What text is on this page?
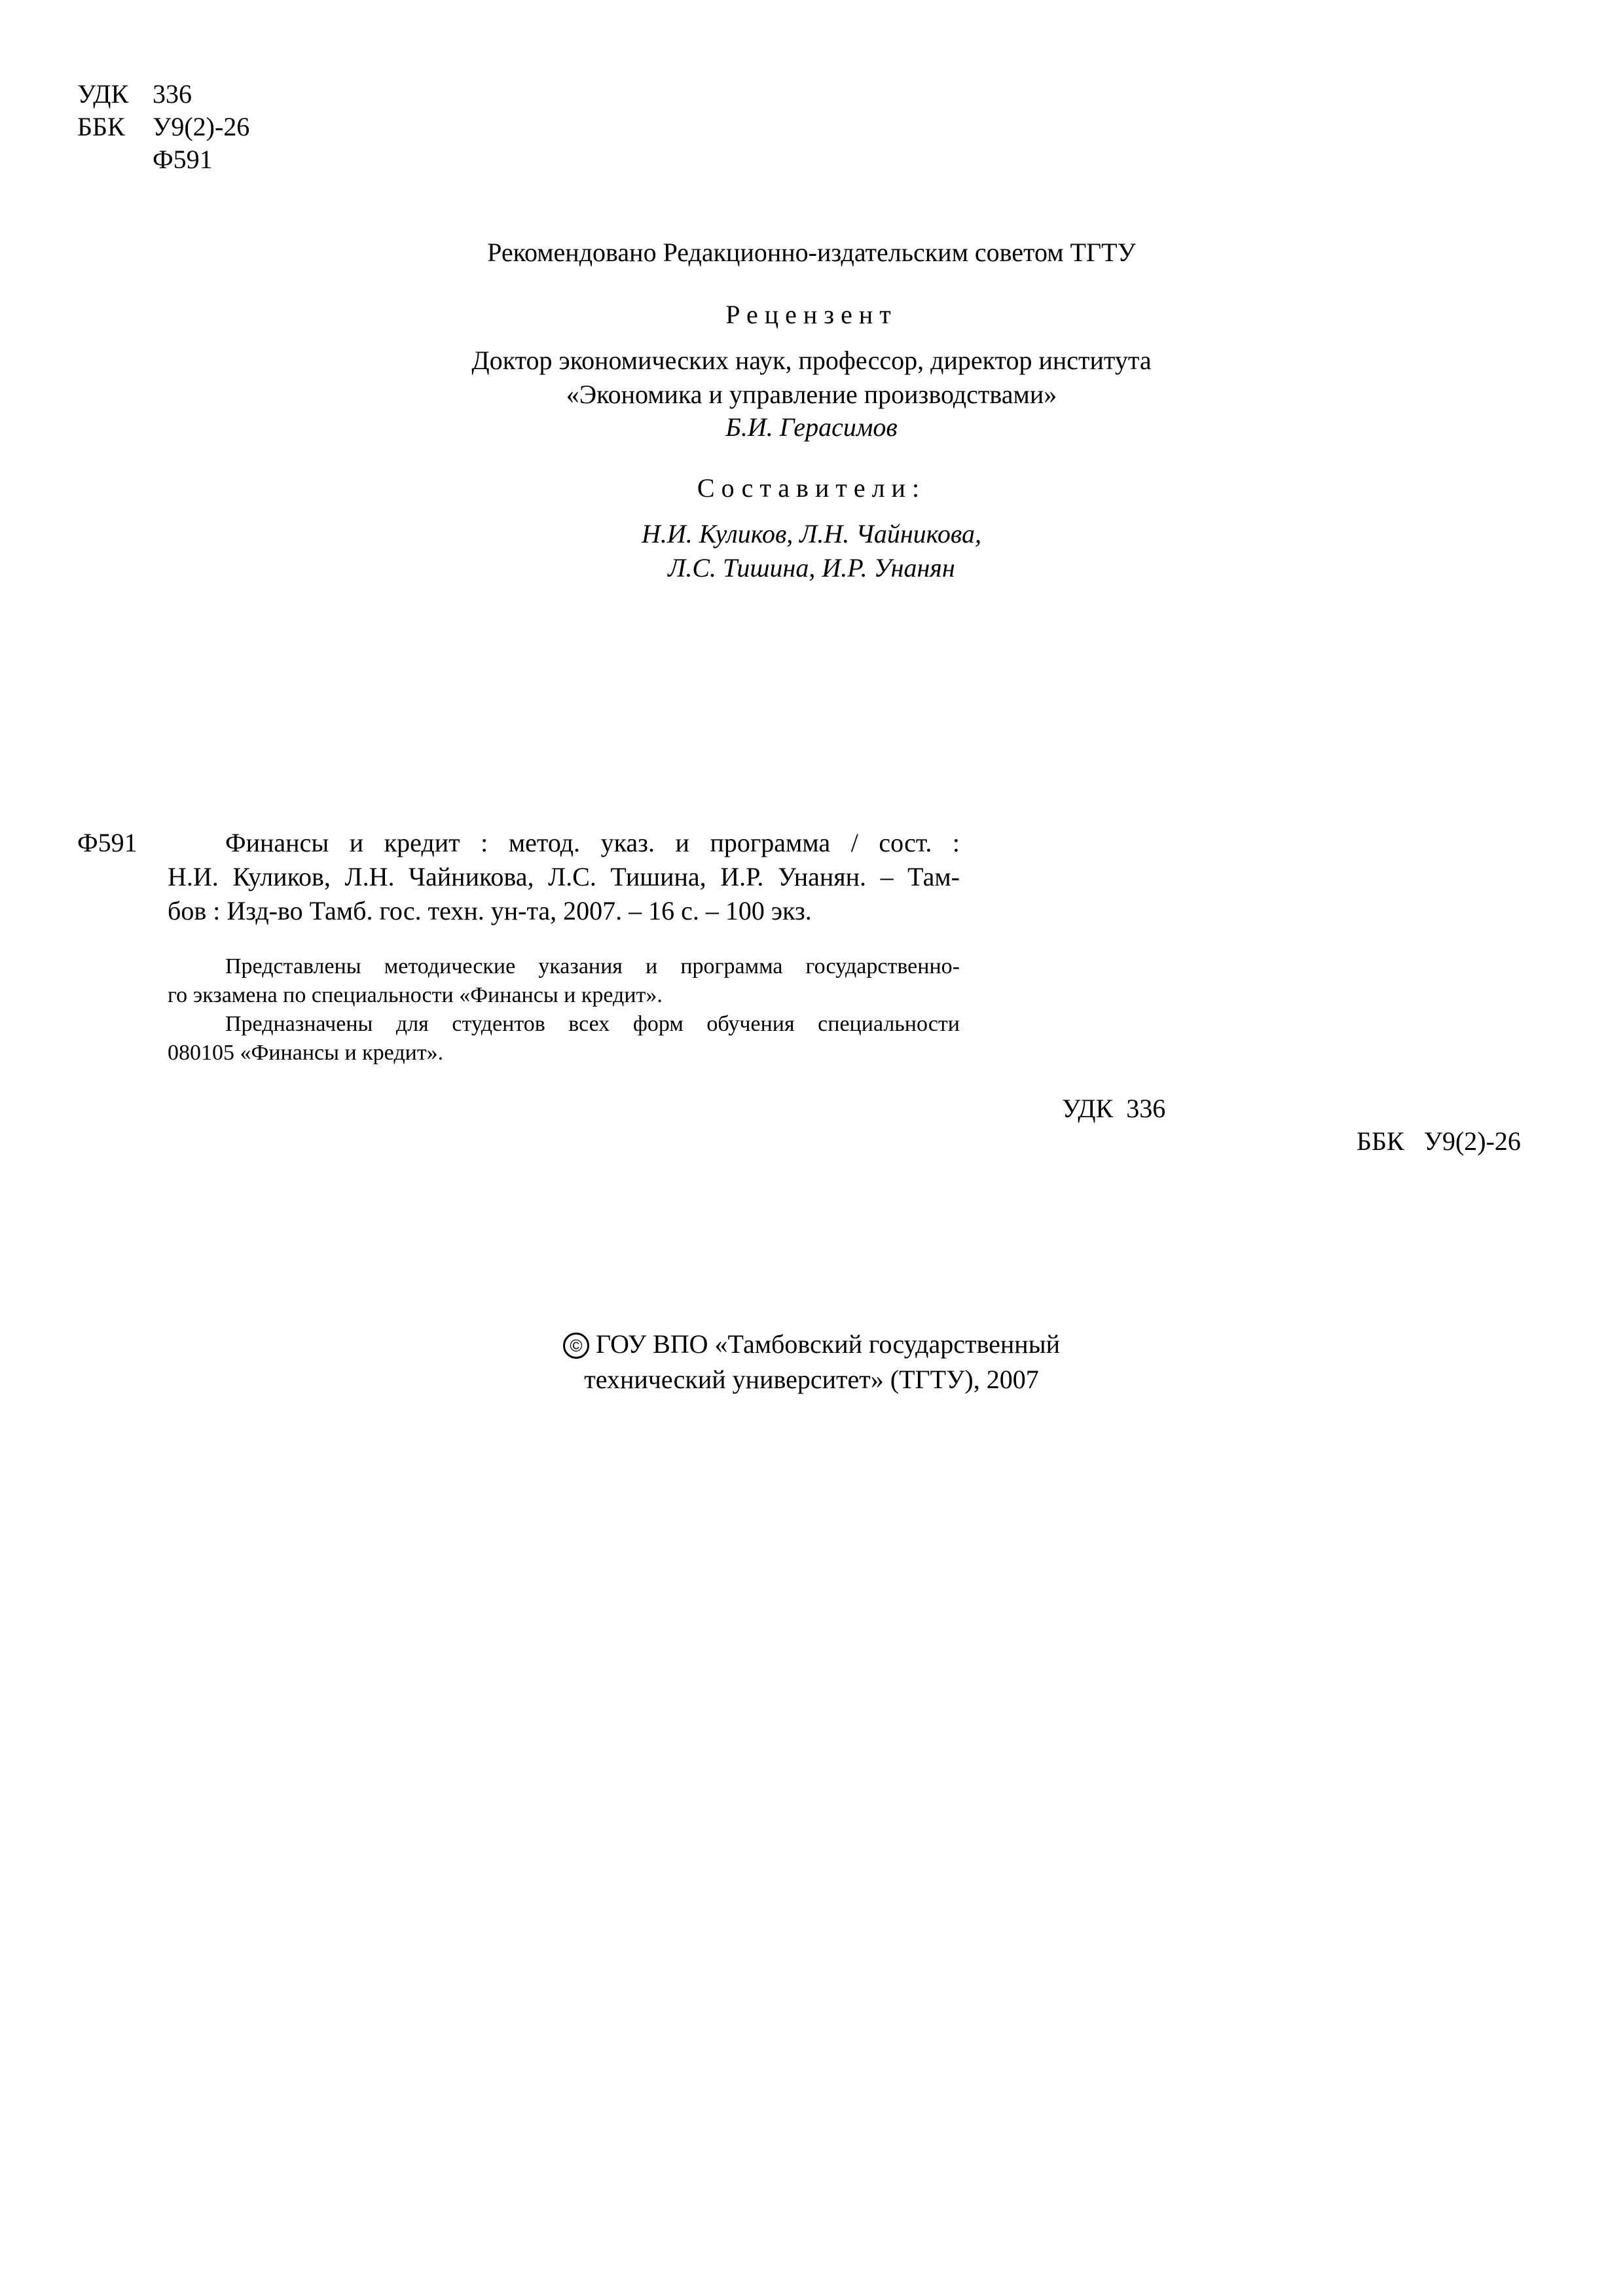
УДК 336
ББК У9(2)-26
Ф591
Рекомендовано Редакционно-издательским советом ТГТУ
Рецензент
Доктор экономических наук, профессор, директор института
«Экономика и управление производствами»
Б.И. Герасимов
Составители:
Н.И. Куликов, Л.Н. Чайникова,
Л.С. Тишина, И.Р. Унанян
Ф591	Финансы и кредит : метод. указ. и программа / сост. :
Н.И. Куликов, Л.Н. Чайникова, Л.С. Тишина, И.Р. Унанян. – Там-
бов : Изд-во Тамб. гос. техн. ун-та, 2007. – 16 с. – 100 экз.
Представлены методические указания и программа государственно-
го экзамена по специальности «Финансы и кредит».
Предназначены для студентов всех форм обучения специальности
080105 «Финансы и кредит».
УДК  336
ББК   У9(2)-26
© ГОУ ВПО «Тамбовский государственный
технический университет» (ТГТУ), 2007
